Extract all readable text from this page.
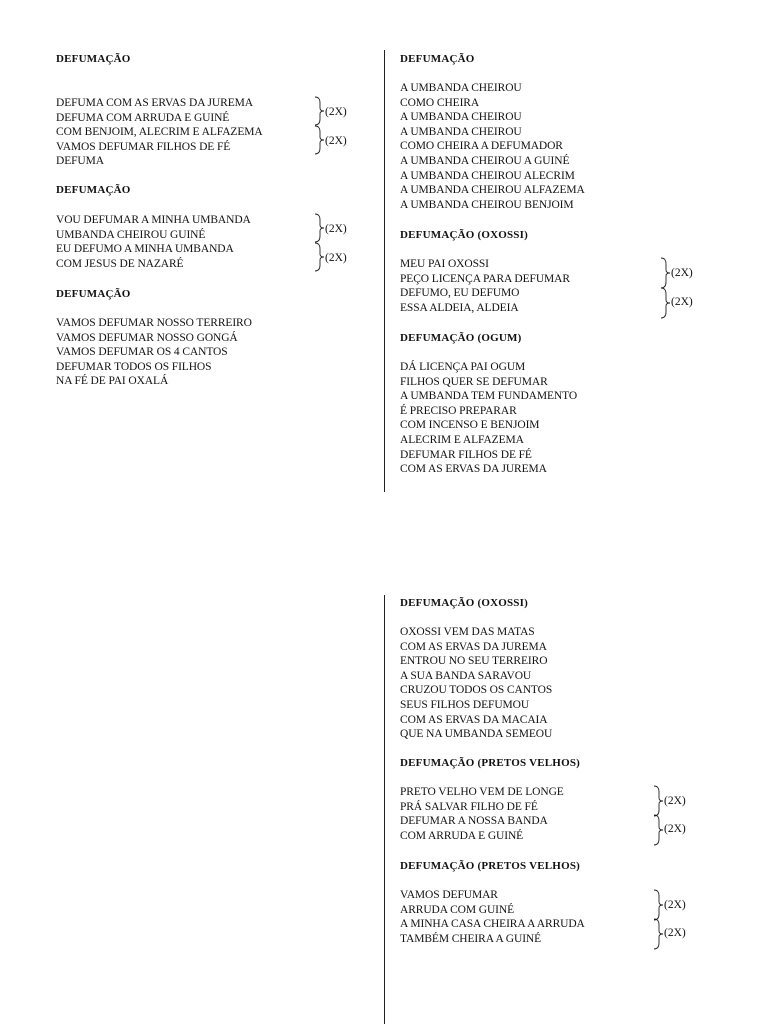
DEFUMAÇÃO
DEFUMA COM AS ERVAS DA JUREMA
DEFUMA COM ARRUDA E GUINÉ
COM BENJOIM, ALECRIM E ALFAZEMA
VAMOS DEFUMAR FILHOS DE FÉ
DEFUMA
(2X)
(2X)
DEFUMAÇÃO
VOU DEFUMAR A MINHA UMBANDA
UMBANDA CHEIROU GUINÉ
EU DEFUMO A MINHA UMBANDA
COM JESUS DE NAZARÉ
(2X)
(2X)
DEFUMAÇÃO
VAMOS DEFUMAR NOSSO TERREIRO
VAMOS DEFUMAR NOSSO GONGÁ
VAMOS DEFUMAR OS 4 CANTOS
DEFUMAR TODOS OS FILHOS
NA FÉ DE PAI OXALÁ
DEFUMAÇÃO
A UMBANDA CHEIROU
COMO CHEIRA
A UMBANDA CHEIROU
A UMBANDA CHEIROU
COMO CHEIRA A DEFUMADOR
A UMBANDA CHEIROU A GUINÉ
A UMBANDA CHEIROU ALECRIM
A UMBANDA CHEIROU ALFAZEMA
A UMBANDA CHEIROU BENJOIM
DEFUMAÇÃO (OXOSSI)
MEU PAI OXOSSI
PEÇO LICENÇA PARA DEFUMAR
DEFUMO, EU DEFUMO
ESSA ALDEIA, ALDEIA
(2X)
(2X)
DEFUMAÇÃO (OGUM)
DÁ LICENÇA PAI OGUM
FILHOS QUER SE DEFUMAR
A UMBANDA TEM FUNDAMENTO
É PRECISO PREPARAR
COM INCENSO E BENJOIM
ALECRIM E ALFAZEMA
DEFUMAR FILHOS DE FÉ
COM AS ERVAS DA JUREMA
DEFUMAÇÃO (OXOSSI)
OXOSSI VEM DAS MATAS
COM AS ERVAS DA JUREMA
ENTROU NO SEU TERREIRO
A SUA BANDA SARAVOU
CRUZOU TODOS OS CANTOS
SEUS FILHOS DEFUMOU
COM AS ERVAS DA MACAIA
QUE NA UMBANDA SEMEOU
DEFUMAÇÃO (PRETOS VELHOS)
PRETO VELHO VEM DE LONGE
PRÁ SALVAR FILHO DE FÉ
DEFUMAR A NOSSA BANDA
COM ARRUDA E GUINÉ
(2X)
(2X)
DEFUMAÇÃO (PRETOS VELHOS)
VAMOS DEFUMAR
ARRUDA COM GUINÉ
A MINHA CASA CHEIRA A ARRUDA
TAMBÉM CHEIRA A GUINÉ
(2X)
(2X)
